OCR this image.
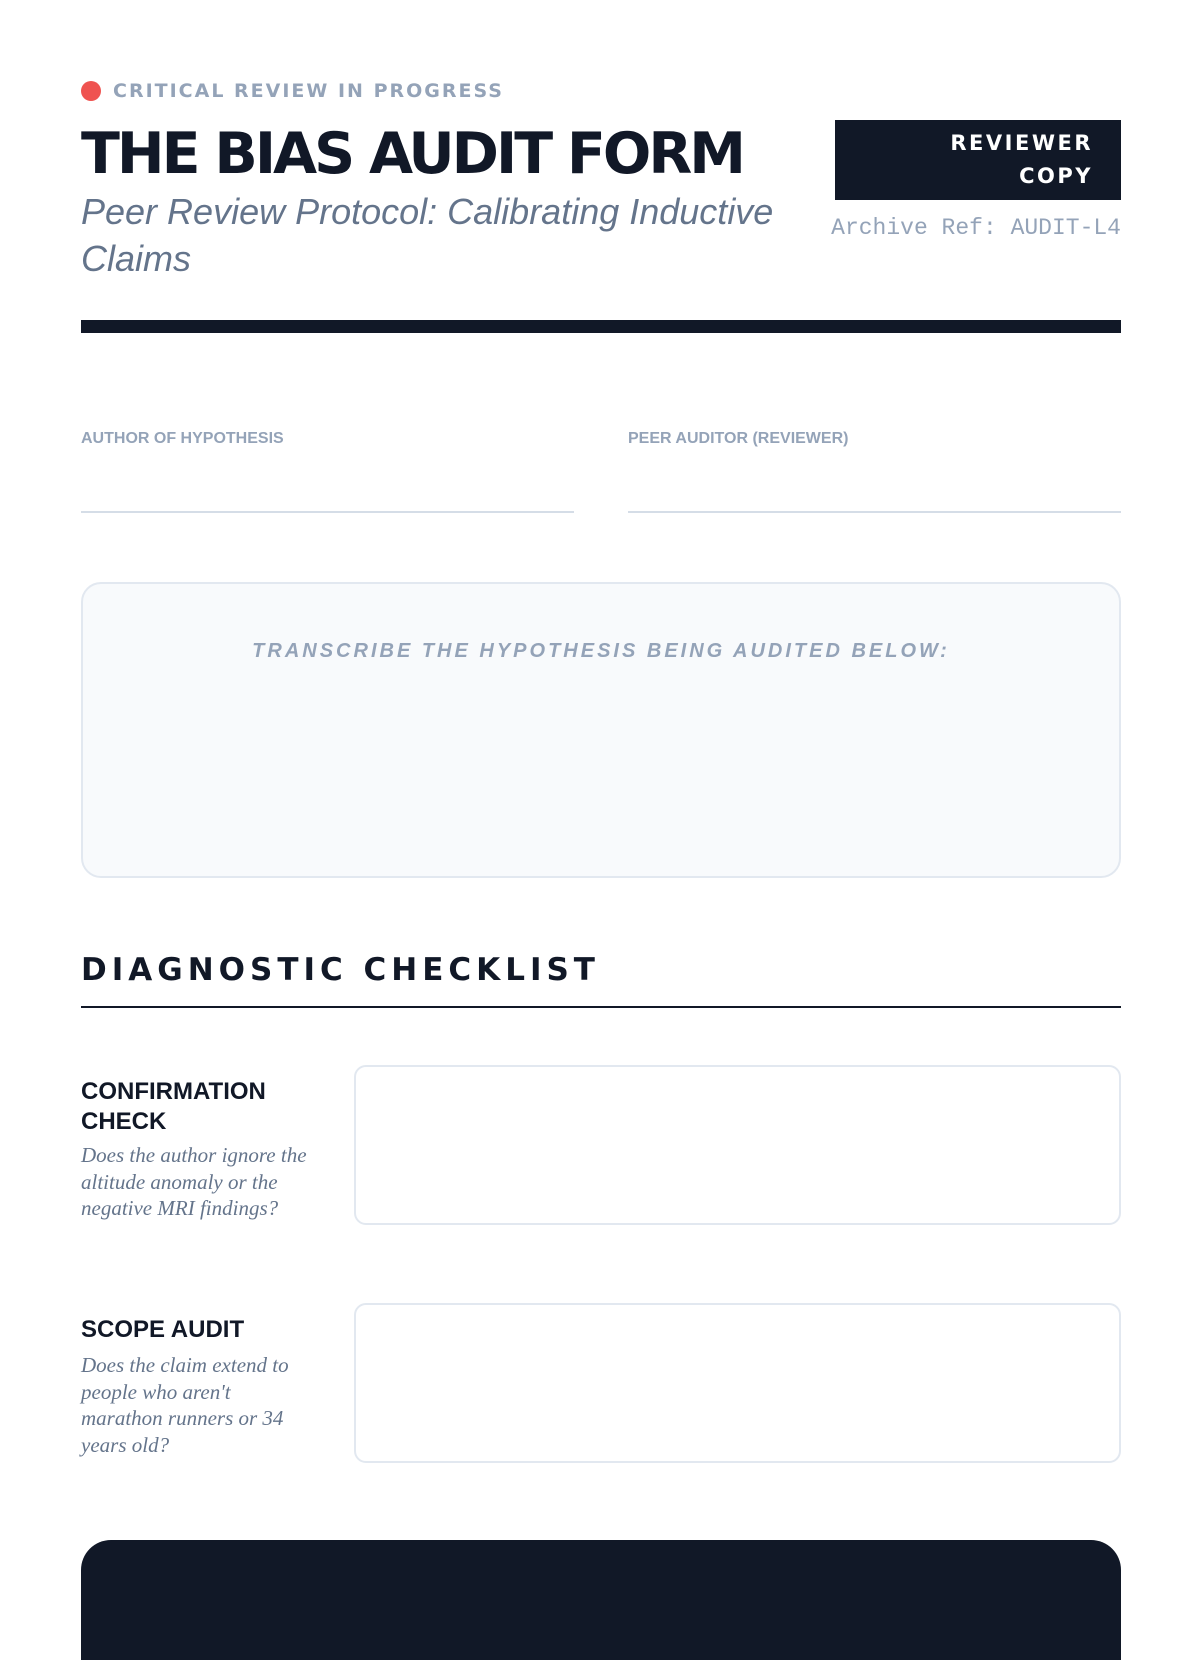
CRITICAL REVIEW IN PROGRESS
THE BIAS AUDIT FORM
Peer Review Protocol: Calibrating Inductive Claims
REVIEWER COPY
Archive Ref: AUDIT-L4
AUTHOR OF HYPOTHESIS	PEER AUDITOR (REVIEWER)
TRANSCRIBE THE HYPOTHESIS BEING AUDITED BELOW:
DIAGNOSTIC CHECKLIST
CONFIRMATION CHECK
Does the author ignore the altitude anomaly or the negative MRI findings?
SCOPE AUDIT
Does the claim extend to people who aren't marathon runners or 34 years old?
